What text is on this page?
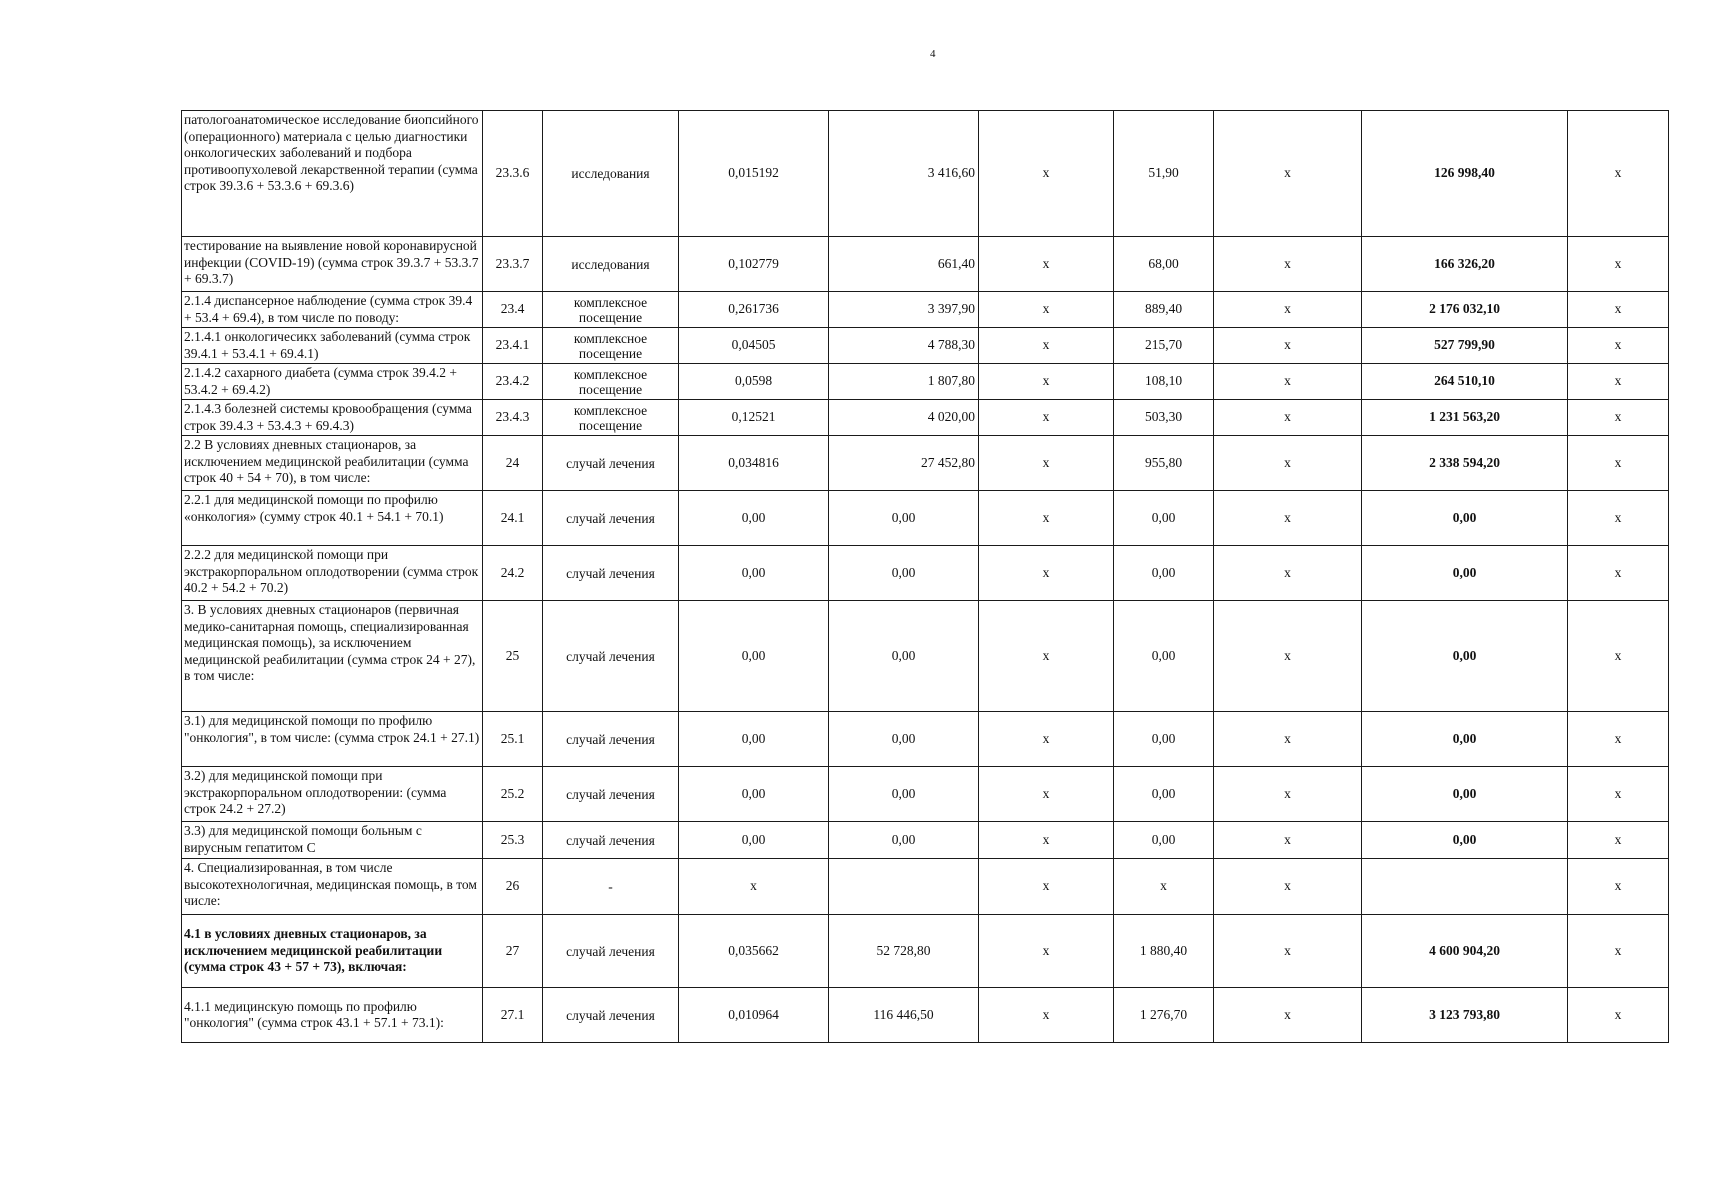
4
патологоанатомическое исследование биопсийного (операционного) материала с целью диагностики онкологических заболеваний и подбора противоопухолевой лекарственной терапии (сумма строк 39.3.6 + 53.3.6 + 69.3.6)	23.3.6	исследования	0,015192	3 416,60	х	51,90	х	126 998,40	х
тестирование на выявление новой коронавирусной инфекции (COVID-19) (сумма строк 39.3.7 + 53.3.7 + 69.3.7)	23.3.7	исследования	0,102779	661,40	х	68,00	х	166 326,20	х
2.1.4 диспансерное наблюдение (сумма строк 39.4 + 53.4 + 69.4), в том числе по поводу:	23.4	комплексное посещение	0,261736	3 397,90	х	889,40	х	2 176 032,10	х
2.1.4.1 онкологичесикх заболеваний (сумма строк 39.4.1 + 53.4.1 + 69.4.1)	23.4.1	комплексное посещение	0,04505	4 788,30	х	215,70	х	527 799,90	х
2.1.4.2 сахарного диабета (сумма строк 39.4.2 + 53.4.2 + 69.4.2)	23.4.2	комплексное посещение	0,0598	1 807,80	х	108,10	х	264 510,10	х
2.1.4.3 болезней системы кровообращения (сумма строк 39.4.3 + 53.4.3 + 69.4.3)	23.4.3	комплексное посещение	0,12521	4 020,00	х	503,30	х	1 231 563,20	х
2.2 В условиях дневных стационаров, за исключением медицинской реабилитации (сумма строк 40 + 54 + 70), в том числе:	24	случай лечения	0,034816	27 452,80	х	955,80	х	2 338 594,20	х
2.2.1 для медицинской помощи по профилю «онкология» (сумму строк 40.1 + 54.1 + 70.1)	24.1	случай лечения	0,00	0,00	х	0,00	х	0,00	х
2.2.2 для медицинской помощи при экстракорпоральном оплодотворении (сумма строк 40.2 + 54.2 + 70.2)	24.2	случай лечения	0,00	0,00	х	0,00	х	0,00	х
3. В условиях дневных стационаров (первичная медико-санитарная помощь, специализированная медицинская помощь), за исключением медицинской реабилитации (сумма строк 24 + 27), в том числе:	25	случай лечения	0,00	0,00	х	0,00	х	0,00	х
3.1) для медицинской помощи по профилю "онкология", в том числе: (сумма строк 24.1 + 27.1)	25.1	случай лечения	0,00	0,00	х	0,00	х	0,00	х
3.2) для медицинской помощи при экстракорпоральном оплодотворении: (сумма строк 24.2 + 27.2)	25.2	случай лечения	0,00	0,00	х	0,00	х	0,00	х
3.3) для медицинской помощи больным с вирусным гепатитом С	25.3	случай лечения	0,00	0,00	х	0,00	х	0,00	х
4. Специализированная, в том числе высокотехнологичная, медицинская помощь, в том числе:	26	-	х		х	х	х		х
4.1 в условиях дневных стационаров, за исключением медицинской реабилитации (сумма строк 43 + 57 + 73), включая:	27	случай лечения	0,035662	52 728,80	х	1 880,40	х	4 600 904,20	х
4.1.1 медицинскую помощь по профилю "онкология" (сумма строк 43.1 + 57.1 + 73.1):	27.1	случай лечения	0,010964	116 446,50	х	1 276,70	х	3 123 793,80	х
